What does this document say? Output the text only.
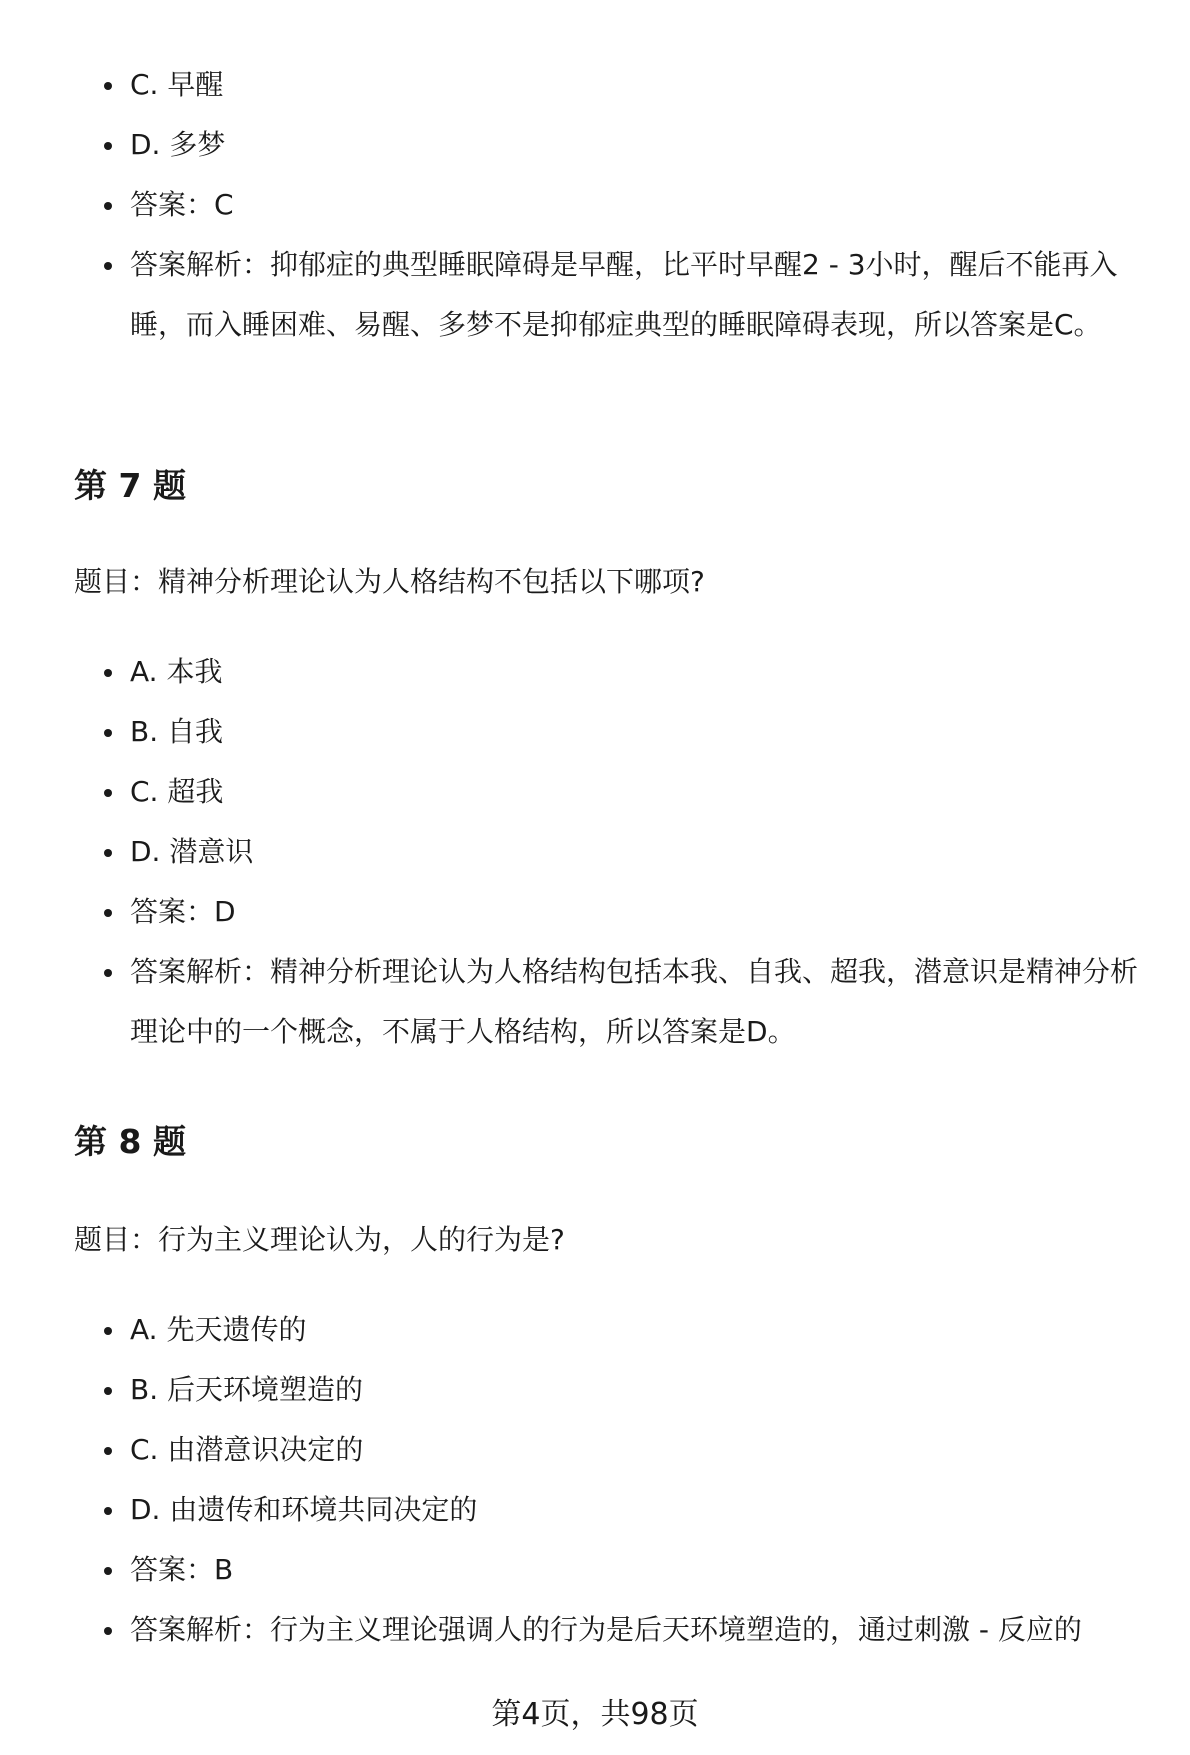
C. 早醒
D. 多梦
答案：C
答案解析：抑郁症的典型睡眠障碍是早醒，比平时早醒2 - 3小时，醒后不能再入睡，而入睡困难、易醒、多梦不是抑郁症典型的睡眠障碍表现，所以答案是C。
第 7 题

题目：精神分析理论认为人格结构不包括以下哪项?

A. 本我
B. 自我
C. 超我
D. 潜意识
答案：D
答案解析：精神分析理论认为人格结构包括本我、自我、超我，潜意识是精神分析理论中的一个概念，不属于人格结构，所以答案是D。
第 8 题

题目：行为主义理论认为，人的行为是?

A. 先天遗传的
B. 后天环境塑造的
C. 由潜意识决定的
D. 由遗传和环境共同决定的
答案：B
答案解析：行为主义理论强调人的行为是后天环境塑造的，通过刺激 - 反应的
第4页，共98页
